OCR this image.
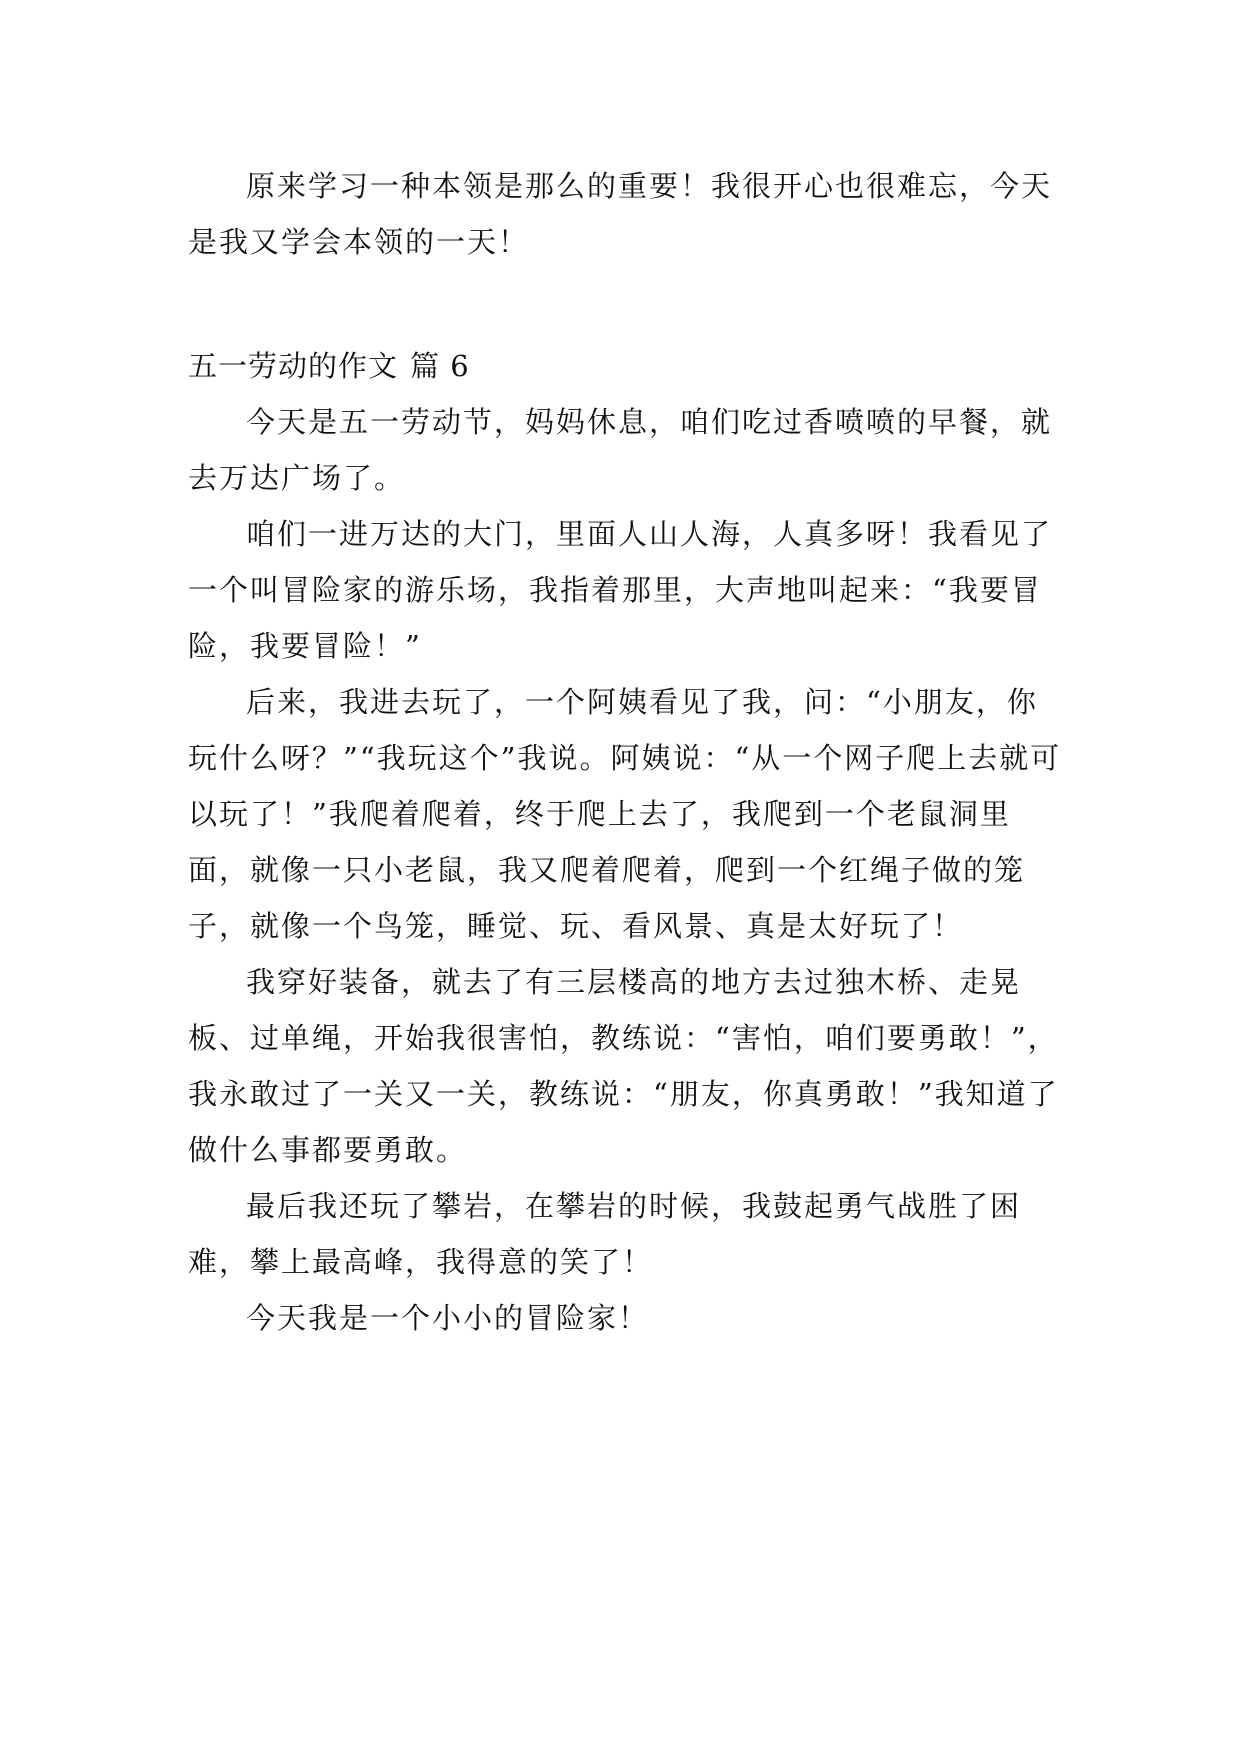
原来学习一种本领是那么的重要！我很开心也很难忘，今天是我又学会本领的一天！

五一劳动的作文 篇 6

今天是五一劳动节，妈妈休息，咱们吃过香喷喷的早餐，就去万达广场了。

咱们一进万达的大门，里面人山人海，人真多呀！我看见了一个叫冒险家的游乐场，我指着那里，大声地叫起来：“我要冒险，我要冒险！”

后来，我进去玩了，一个阿姨看见了我，问：“小朋友，你玩什么呀？”“我玩这个”我说。阿姨说：“从一个网子爬上去就可以玩了！”我爬着爬着，终于爬上去了，我爬到一个老鼠洞里面，就像一只小老鼠，我又爬着爬着，爬到一个红绳子做的笼子，就像一个鸟笼，睡觉、玩、看风景、真是太好玩了！

我穿好装备，就去了有三层楼高的地方去过独木桥、走晃板、过单绳，开始我很害怕，教练说：“害怕，咱们要勇敢！”，我永敢过了一关又一关，教练说：“朋友，你真勇敢！”我知道了做什么事都要勇敢。

最后我还玩了攀岩，在攀岩的时候，我鼓起勇气战胜了困难，攀上最高峰，我得意的笑了！

今天我是一个小小的冒险家！
